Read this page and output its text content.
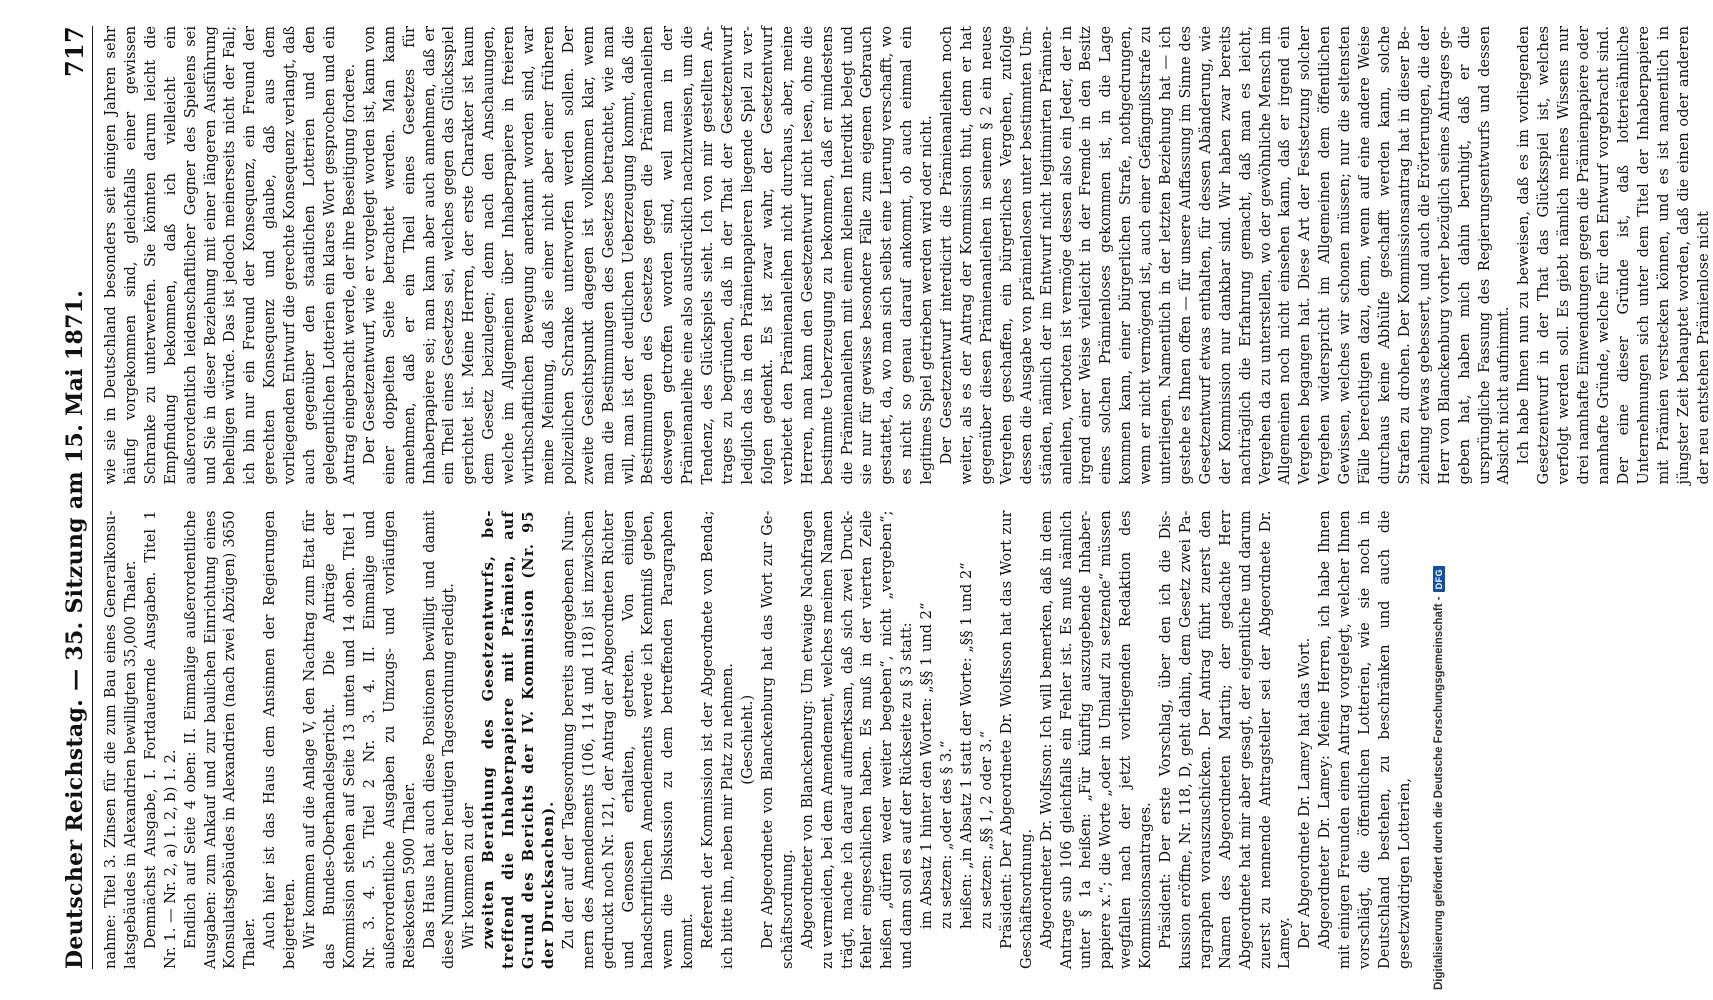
Deutscher Reichstag. — 35. Sitzung am 15. Mai 1871.
717

nahme: Titel 3. Zinsen für die zum Bau eines Generalkonsulatsgebäudes in Alexandrien bewilligten 35,000 Thaler. Demnächst Ausgabe, I. Fortdauernde Ausgaben. Titel 1 Nr. 1. — Nr. 2, a) 1. 2, b) 1. 2. Endlich auf Seite 4 oben: II. Einmalige außerordentliche Ausgaben: zum Ankauf und zur baulichen Einrichtung eines Konsulatsgebäudes in Alexandrien (nach zwei Abzügen) 3650 Thaler. Auch hier ist das Haus dem Ansinnen der Regierungen beigetreten. Wir kommen auf die Anlage V, den Nachtrag zum Etat für das Bundes-Oberhandelsgericht. Die Anträge der Kommission stehen auf Seite 13 unten und 14 oben. Titel 1 Nr. 3. 4. 5. Titel 2 Nr. 3. 4. II. Einmalige und außerordentliche Ausgaben zu Umzugs- und vorläufigen Reisekosten 5900 Thaler. Das Haus hat auch diese Positionen bewilligt und damit diese Nummer der heutigen Tagesordnung erledigt. Wir kommen zu der zweiten Berathung des Gesetzentwurfs, betreffend die Inhaberpapiere mit Prämien, auf Grund des Berichts der IV. Kommission (Nr. 95 der Drucksachen). Zu der auf der Tagesordnung bereits angegebenen Nummern des Amendements (106, 114 und 118) ist inzwischen gedruckt noch Nr. 121, der Antrag der Abgeordneten Richter und Genossen erhalten, getreten. Von einigen handschriftlichen Amendements werde ich Kenntniß geben, wenn die Diskussion zu dem betreffenden Paragraphen kommt. Referent der Kommission ist der Abgeordnete von Benda; ich bitte ihn, neben mir Platz zu nehmen. (Geschieht.) Der Abgeordnete von Blanckenburg hat das Wort zur Geschäftsordnung. Abgeordneter von Blanckenburg: Um etwaige Nachfragen zu vermeiden, bei dem Amendement, welches meinen Namen trägt, mache ich darauf aufmerksam, daß sich zwei Druckfehler eingeschlichen haben. Es muß in der vierten Zeile heißen „dürfen weder weiter begeben“, nicht „vergeben“; und dann soll es auf der Rückseite zu § 3 statt: im Absatz 1 hinter den Worten: „§§ 1 und 2“ zu setzen: „oder des § 3.“ heißen: „in Absatz 1 statt der Worte: „§§ 1 und 2“ zu setzen: „§§ 1, 2 oder 3.“ Präsident: Der Abgeordnete Dr. Wolfsson hat das Wort zur Geschäftsordnung. Abgeordneter Dr. Wolfsson: Ich will bemerken, daß in dem Antrage sub 106 gleichfalls ein Fehler ist. Es muß nämlich unter § 1a heißen: „Für künftig auszugebende Inhaberpapiere x.“; die Worte „oder in Umlauf zu setzende“ müssen wegfallen nach der jetzt vorliegenden Redaktion des Kommissionsantrages. Präsident: Der erste Vorschlag, über den ich die Diskussion eröffne, Nr. 118, D, geht dahin, dem Gesetz zwei Paragraphen vorauszuschicken. Der Antrag führt zuerst den Namen des Abgeordneten Martin; der gedachte Herr Abgeordnete hat mir aber gesagt, der eigentliche und darum zuerst zu nennende Antragsteller sei der Abgeordnete Dr. Lamey. Der Abgeordnete Dr. Lamey hat das Wort. Abgeordneter Dr. Lamey: Meine Herren, ich habe Ihnen mit einigen Freunden einen Antrag vorgelegt, welcher Ihnen vorschlägt, die öffentlichen Lotterien, wie sie noch in Deutschland bestehen, zu beschränken und auch die gesetzwidrigen Lotterien,

wie sie in Deutschland besonders seit einigen Jahren sehr häufig vorgekommen sind, gleichfalls einer gewissen Schranke zu unterwerfen. Sie könnten darum leicht die Empfindung bekommen, daß ich vielleicht ein außerordentlich leidenschaftlicher Gegner des Spielens sei und Sie in dieser Beziehung mit einer längeren Ausführung behelligen würde. Das ist jedoch meinerseits nicht der Fall; ich bin nur ein Freund der Konsequenz, ein Freund der gerechten Konsequenz und glaube, daß aus dem vorliegenden Entwurf die gerechte Konsequenz verlangt, daß auch gegenüber den staatlichen Lotterien und den gelegentlichen Lotterien ein klares Wort gesprochen und ein Antrag eingebracht werde, der ihre Beseitigung fordere. Der Gesetzentwurf, wie er vorgelegt worden ist, kann von einer doppelten Seite betrachtet werden. Man kann annehmen, daß er ein Theil eines Gesetzes für Inhaberpapiere sei; man kann aber auch annehmen, daß er ein Theil eines Gesetzes sei, welches gegen das Glücksspiel gerichtet ist. Meine Herren, der erste Charakter ist kaum dem Gesetz beizulegen; denn nach den Anschauungen, welche im Allgemeinen über Inhaberpapiere in freieren wirthschaftlichen Bewegung anerkannt worden sind, war meine Meinung, daß sie einer nicht aber einer früheren polizeilichen Schranke unterworfen werden sollen. Der zweite Gesichtspunkt dagegen ist vollkommen klar, wenn man die Bestimmungen des Gesetzes betrachtet, wie man will, man ist der deutlichen Ueberzeugung kommt, daß die Bestimmungen des Gesetzes gegen die Prämienanleihen deswegen getroffen worden sind, weil man in der Prämienanleihe eine also ausdrücklich nachzuweisen, um die Tendenz, des Glückspiels sieht. Ich von mir gestellten Antrages zu begründen, daß in der That der Gesetzentwurf lediglich das in den Prämienpapieren liegende Spiel zu verfolgen gedenkt. Es ist zwar wahr, der Gesetzentwurf verbietet den Prämienanleihen nicht durchaus, aber, meine Herren, man kann den Gesetzentwurf nicht lesen, ohne die bestimmte Ueberzeugung zu bekommen, daß er mindestens die Prämienanleihen mit einem kleinen Interdikt belegt und sie nur für gewisse besondere Fälle zum eigenen Gebrauch gestattet, da, wo man sich selbst eine Lierung verschafft, wo es nicht so genau darauf ankommt, ob auch einmal ein legitimes Spiel getrieben werden wird oder nicht. Der Gesetzentwurf interdicirt die Prämienanleihen noch weiter, als es der Antrag der Kommission thut, denn er hat gegenüber diesen Prämienanleihen in seinem § 2 ein neues Vergehen geschaffen, ein bürgerliches Vergehen, zufolge dessen die Ausgabe von prämienlosen unter bestimmten Umständen, nämlich der im Entwurf nicht legitimirten Prämienanleihen, verboten ist vermöge dessen also ein Jeder, der in irgend einer Weise vielleicht in der Fremde in den Besitz eines solchen Prämienloses gekommen ist, in die Lage kommen kann, einer bürgerlichen Strafe, nothgedrungen, wenn er nicht vermögend ist, auch einer Gefängnißstrafe zu unterliegen. Namentlich in der letzten Beziehung hat — ich gestehe es Ihnen offen — für unsere Auffassung im Sinne des Gesetzentwurf etwas enthalten, für dessen Abänderung, wie der Kommission nur dankbar sind. Wir haben zwar bereits nachträglich die Erfahrung gemacht, daß man es leicht, Vergehen da zu unterstellen, wo der gewöhnliche Mensch im Allgemeinen noch nicht einsehen kann, daß er irgend ein Vergehen begangen hat. Diese Art der Festsetzung solcher Vergehen widerspricht im Allgemeinen dem öffentlichen Gewissen, welches wir schonen müssen; nur die seltensten Fälle berechtigen dazu, denn, wenn auf eine andere Weise durchaus keine Abhülfe geschafft werden kann, solche Strafen zu drohen. Der Kommissionsantrag hat in dieser Beziehung etwas gebessert, und auch die Erörterungen, die der Herr von Blanckenburg vorher bezüglich seines Antrages gegeben hat, haben mich dahin beruhigt, daß er die ursprüngliche Fassung des Regierungsentwurfs und dessen Absicht nicht aufnimmt. Ich habe Ihnen nun zu beweisen, daß es im vorliegenden Gesetzentwurf in der That das Glücksspiel ist, welches verfolgt werden soll. Es giebt nämlich meines Wissens nur drei namhafte Einwendungen gegen die Prämienpapiere oder namhafte Gründe, welche für den Entwurf vorgebracht sind. Der eine dieser Gründe ist, daß lotterieähnliche Unternehmungen sich unter dem Titel der Inhaberpapiere mit Prämien verstecken können, und es ist namentlich in jüngster Zeit behauptet worden, daß die einen oder anderen der neu entstehen Prämienlose nicht

Digitalisierung gefördert durch die Deutsche Forschungsgemeinschaft -
DFG
